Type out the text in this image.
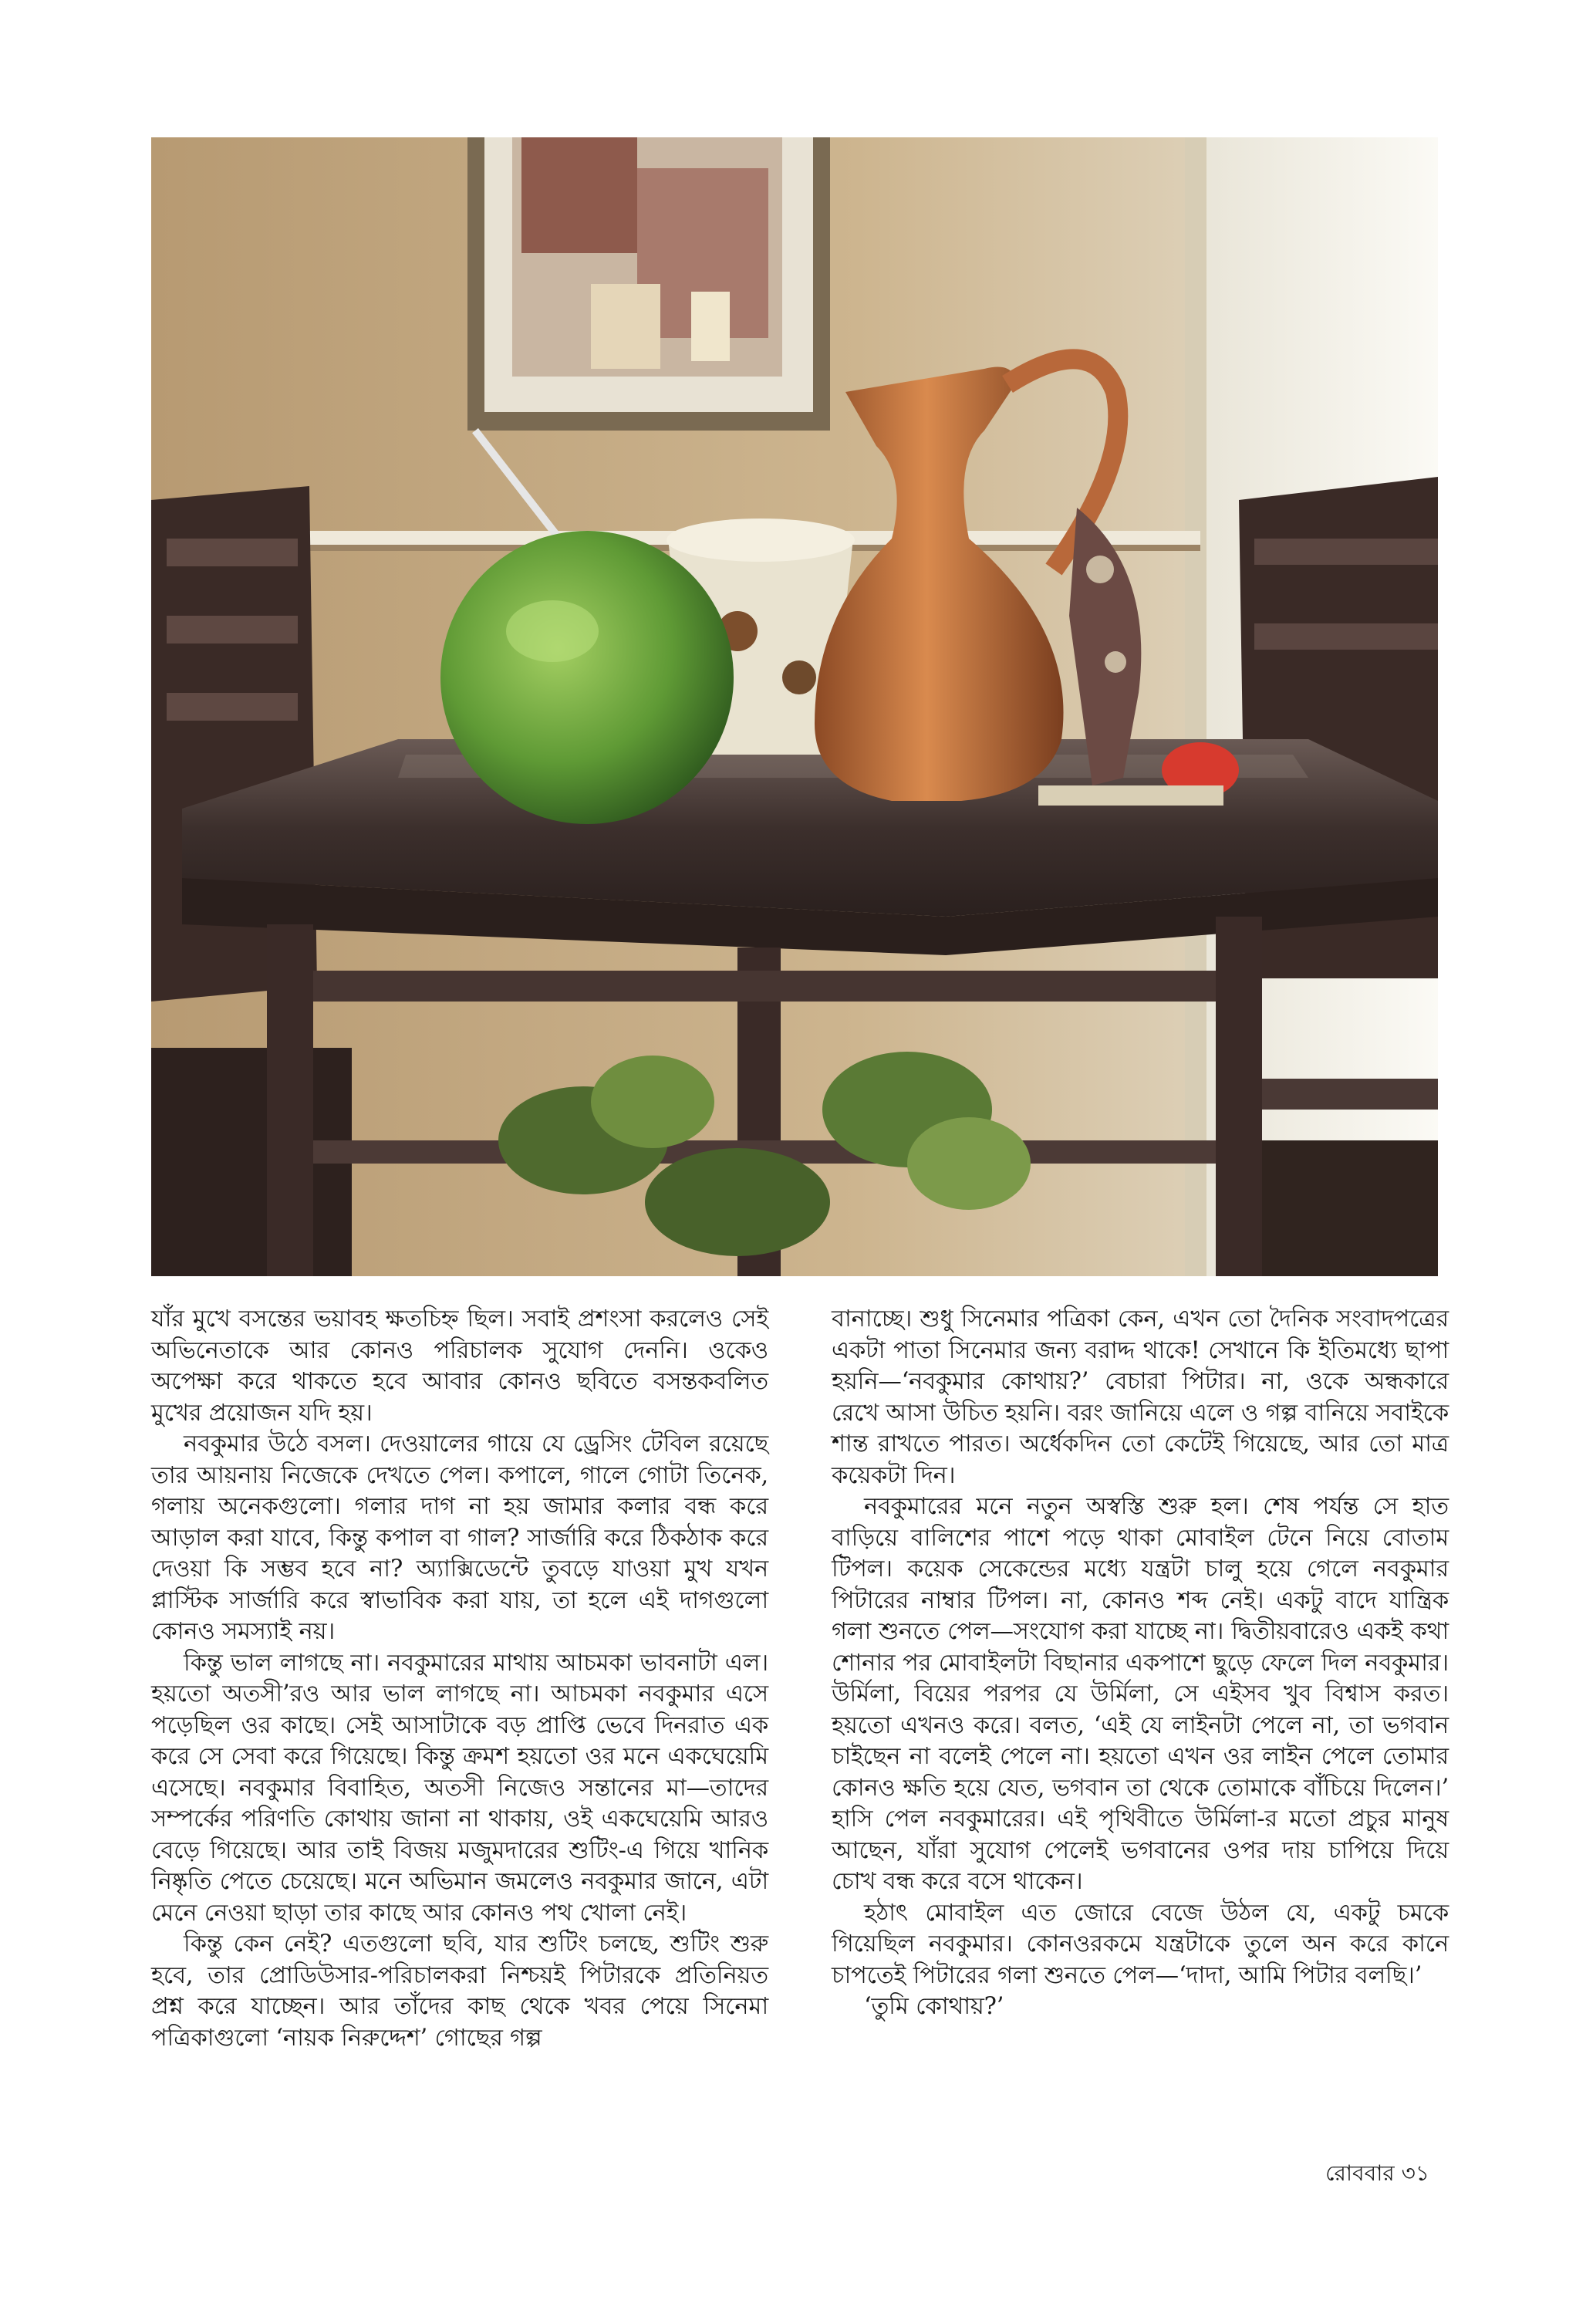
যাঁর মুখে বসন্তের ভয়াবহ ক্ষতচিহ্ন ছিল। সবাই প্রশংসা করলেও সেই অভিনেতাকে আর কোনও পরিচালক সুযোগ দেননি। ওকেও অপেক্ষা করে থাকতে হবে আবার কোনও ছবিতে বসন্তকবলিত মুখের প্রয়োজন যদি হয়।

নবকুমার উঠে বসল। দেওয়ালের গায়ে যে ড্রেসিং টেবিল রয়েছে তার আয়নায় নিজেকে দেখতে পেল। কপালে, গালে গোটা তিনেক, গলায় অনেকগুলো। গলার দাগ না হয় জামার কলার বন্ধ করে আড়াল করা যাবে, কিন্তু কপাল বা গাল? সার্জারি করে ঠিকঠাক করে দেওয়া কি সম্ভব হবে না? অ্যাক্সিডেন্টে তুবড়ে যাওয়া মুখ যখন প্লাস্টিক সার্জারি করে স্বাভাবিক করা যায়, তা হলে এই দাগগুলো কোনও সমস্যাই নয়।

কিন্তু ভাল লাগছে না। নবকুমারের মাথায় আচমকা ভাবনাটা এল। হয়তো অতসী’রও আর ভাল লাগছে না। আচমকা নবকুমার এসে পড়েছিল ওর কাছে। সেই আসাটাকে বড় প্রাপ্তি ভেবে দিনরাত এক করে সে সেবা করে গিয়েছে। কিন্তু ক্রমশ হয়তো ওর মনে একঘেয়েমি এসেছে। নবকুমার বিবাহিত, অতসী নিজেও সন্তানের মা—তাদের সম্পর্কের পরিণতি কোথায় জানা না থাকায়, ওই একঘেয়েমি আরও বেড়ে গিয়েছে। আর তাই বিজয় মজুমদারের শুটিং-এ গিয়ে খানিক নিষ্কৃতি পেতে চেয়েছে। মনে অভিমান জমলেও নবকুমার জানে, এটা মেনে নেওয়া ছাড়া তার কাছে আর কোনও পথ খোলা নেই।

কিন্তু কেন নেই? এতগুলো ছবি, যার শুটিং চলছে, শুটিং শুরু হবে, তার প্রোডিউসার-পরিচালকরা নিশ্চয়ই পিটারকে প্রতিনিয়ত প্রশ্ন করে যাচ্ছেন। আর তাঁদের কাছ থেকে খবর পেয়ে সিনেমা পত্রিকাগুলো ‘নায়ক নিরুদ্দেশ’ গোছের গল্প

বানাচ্ছে। শুধু সিনেমার পত্রিকা কেন, এখন তো দৈনিক সংবাদপত্রের একটা পাতা সিনেমার জন্য বরাদ্দ থাকে! সেখানে কি ইতিমধ্যে ছাপা হয়নি—‘নবকুমার কোথায়?’ বেচারা পিটার। না, ওকে অন্ধকারে রেখে আসা উচিত হয়নি। বরং জানিয়ে এলে ও গল্প বানিয়ে সবাইকে শান্ত রাখতে পারত। অর্ধেকদিন তো কেটেই গিয়েছে, আর তো মাত্র কয়েকটা দিন।

নবকুমারের মনে নতুন অস্বস্তি শুরু হল। শেষ পর্যন্ত সে হাত বাড়িয়ে বালিশের পাশে পড়ে থাকা মোবাইল টেনে নিয়ে বোতাম টিপল। কয়েক সেকেন্ডের মধ্যে যন্ত্রটা চালু হয়ে গেলে নবকুমার পিটারের নাম্বার টিপল। না, কোনও শব্দ নেই। একটু বাদে যান্ত্রিক গলা শুনতে পেল—সংযোগ করা যাচ্ছে না। দ্বিতীয়বারেও একই কথা শোনার পর মোবাইলটা বিছানার একপাশে ছুড়ে ফেলে দিল নবকুমার। উর্মিলা, বিয়ের পরপর যে উর্মিলা, সে এইসব খুব বিশ্বাস করত। হয়তো এখনও করে। বলত, ‘এই যে লাইনটা পেলে না, তা ভগবান চাইছেন না বলেই পেলে না। হয়তো এখন ওর লাইন পেলে তোমার কোনও ক্ষতি হয়ে যেত, ভগবান তা থেকে তোমাকে বাঁচিয়ে দিলেন।’ হাসি পেল নবকুমারের। এই পৃথিবীতে উর্মিলা-র মতো প্রচুর মানুষ আছেন, যাঁরা সুযোগ পেলেই ভগবানের ওপর দায় চাপিয়ে দিয়ে চোখ বন্ধ করে বসে থাকেন।

হঠাৎ মোবাইল এত জোরে বেজে উঠল যে, একটু চমকে গিয়েছিল নবকুমার। কোনওরকমে যন্ত্রটাকে তুলে অন করে কানে চাপতেই পিটারের গলা শুনতে পেল—‘দাদা, আমি পিটার বলছি।’

‘তুমি কোথায়?’

রোববার ৩১
